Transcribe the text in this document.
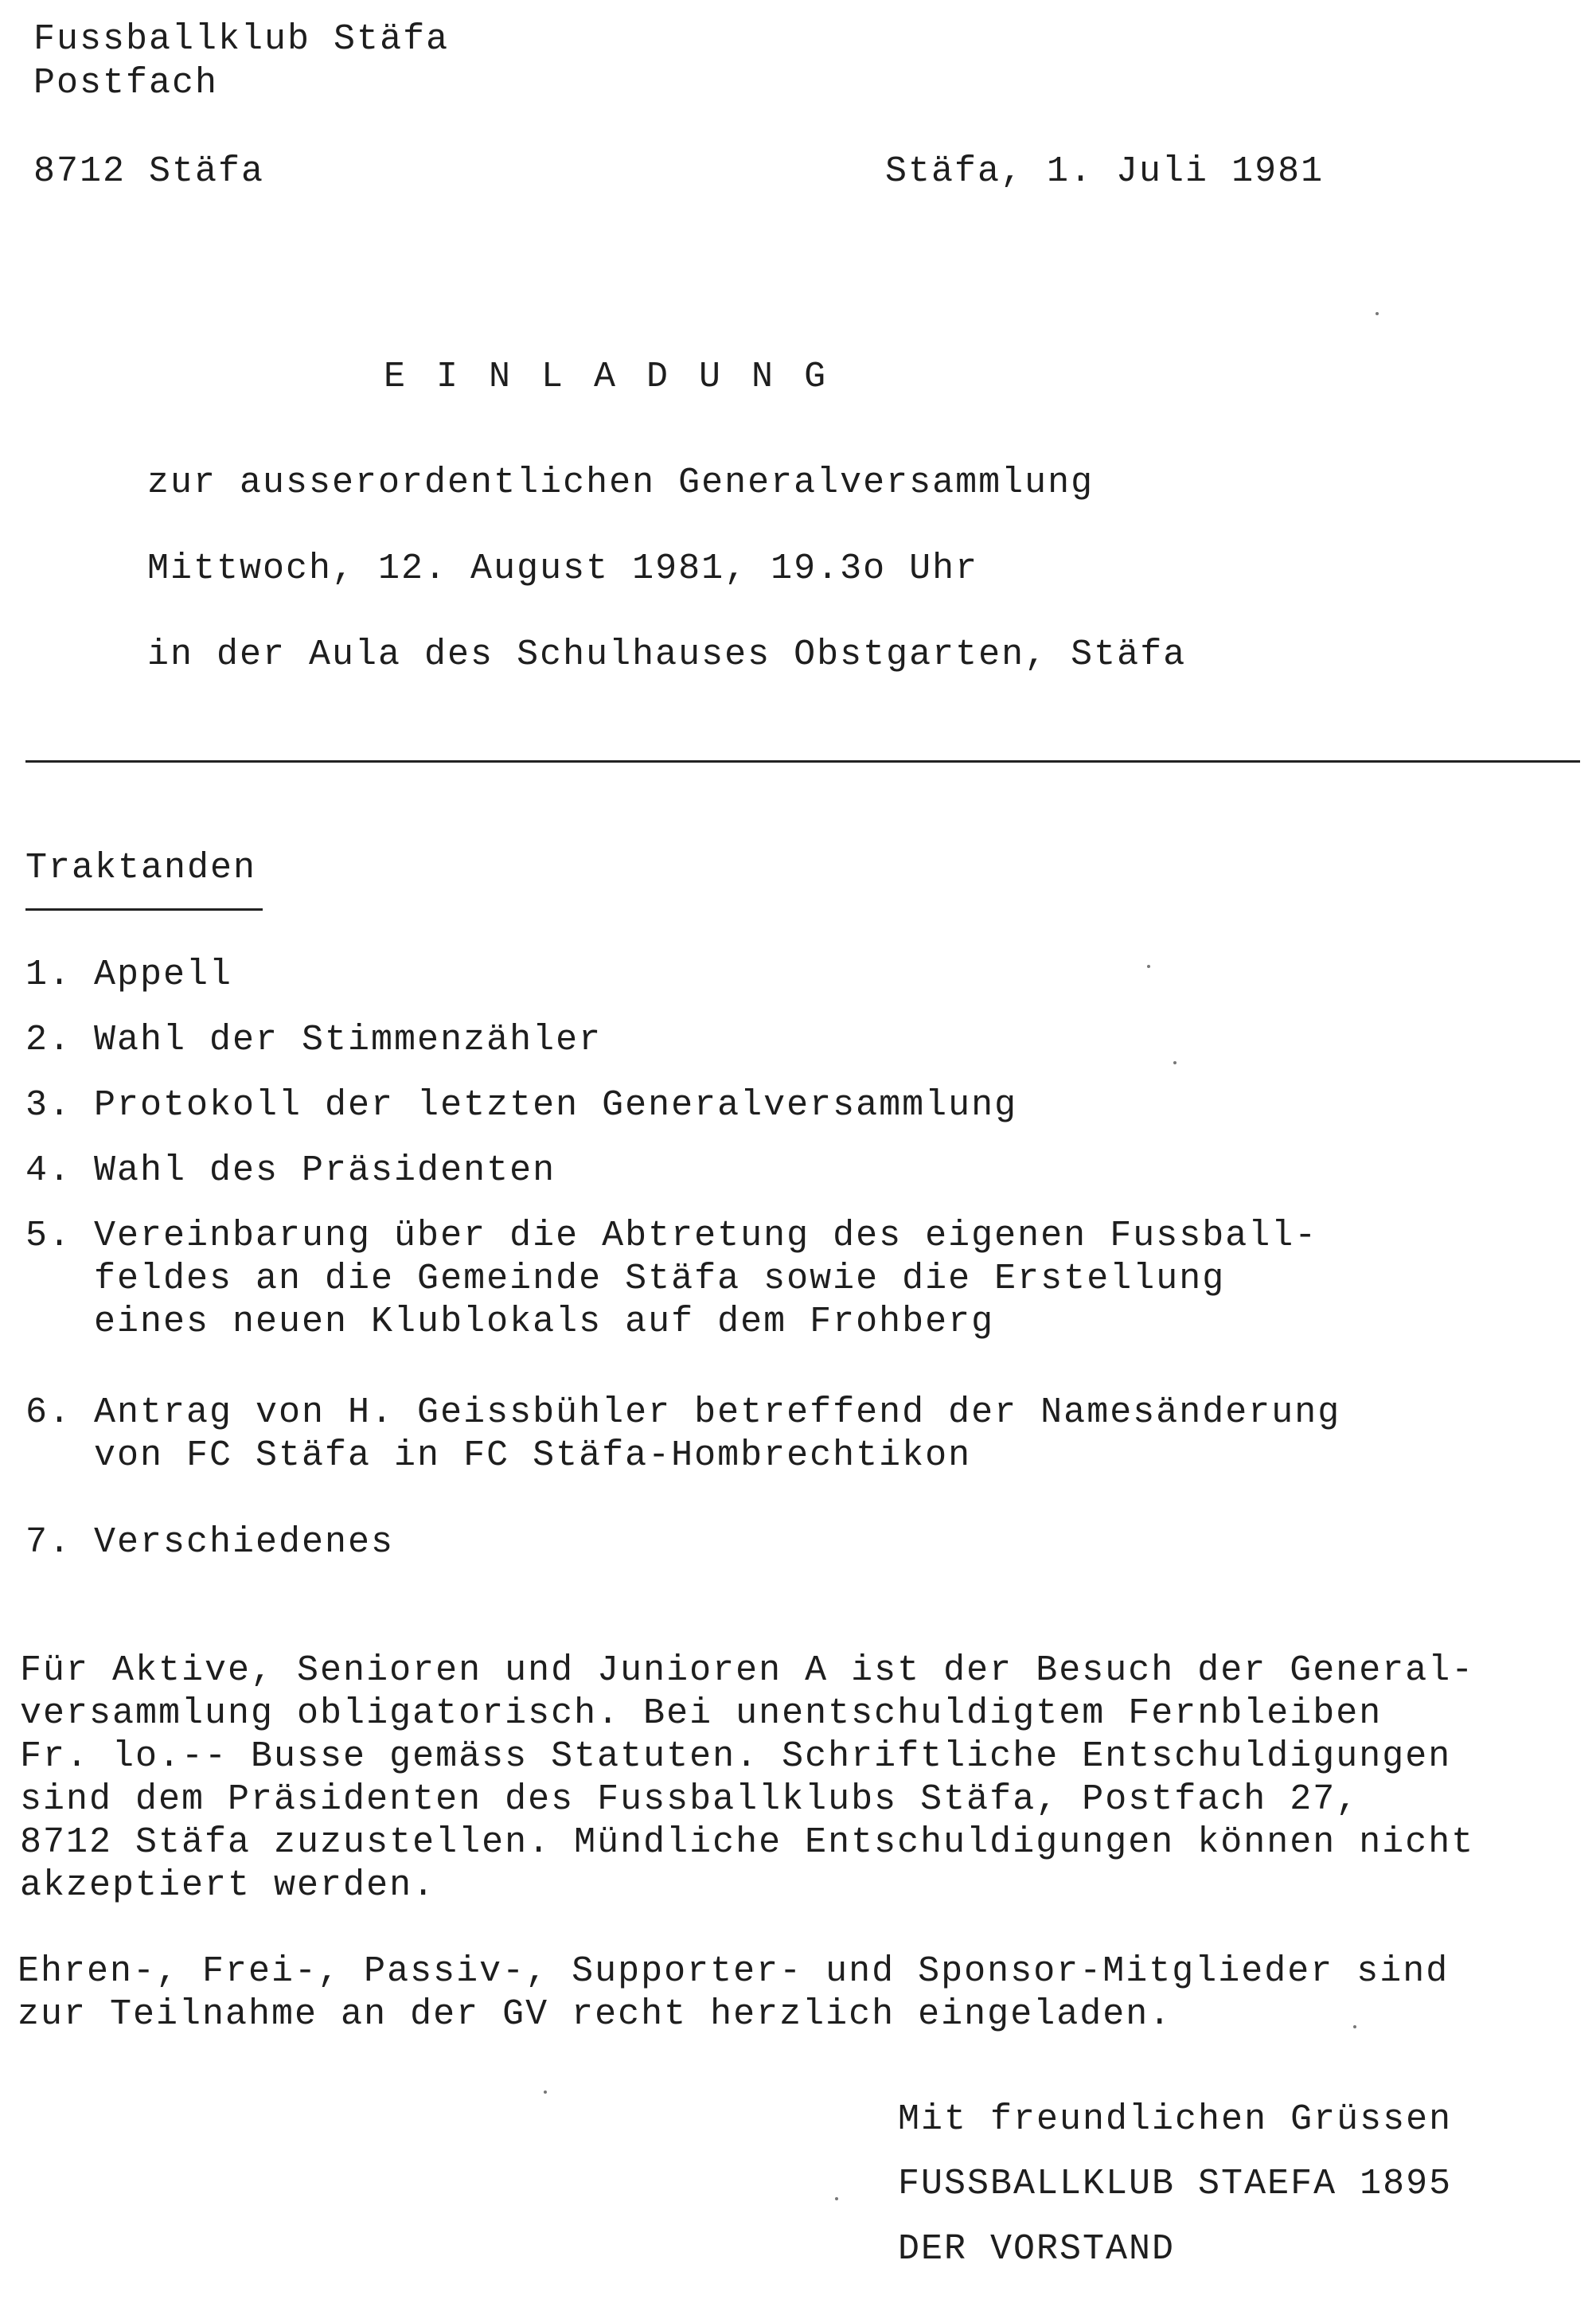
Fussballklub Stäfa
Postfach
8712 Stäfa	Stäfa, 1. Juli 1981
E I N L A D U N G
zur ausserordentlichen Generalversammlung
Mittwoch, 12. August 1981, 19.3o Uhr
in der Aula des Schulhauses Obstgarten, Stäfa
Traktanden
1. Appell
2. Wahl der Stimmenzähler
3. Protokoll der letzten Generalversammlung
4. Wahl des Präsidenten
5. Vereinbarung über die Abtretung des eigenen Fussball-
feldes an die Gemeinde Stäfa sowie die Erstellung
eines neuen Klublokals auf dem Frohberg
6. Antrag von H. Geissbühler betreffend der Namesänderung
von FC Stäfa in FC Stäfa-Hombrechtikon
7. Verschiedenes
Für Aktive, Senioren und Junioren A ist der Besuch der General-
versammlung obligatorisch. Bei unentschuldigtem Fernbleiben
Fr. lo.-- Busse gemäss Statuten. Schriftliche Entschuldigungen
sind dem Präsidenten des Fussballklubs Stäfa, Postfach 27,
8712 Stäfa zuzustellen. Mündliche Entschuldigungen können nicht
akzeptiert werden.
Ehren-, Frei-, Passiv-, Supporter- und Sponsor-Mitglieder sind
zur Teilnahme an der GV recht herzlich eingeladen.
Mit freundlichen Grüssen
FUSSBALLKLUB STAEFA 1895
DER VORSTAND
